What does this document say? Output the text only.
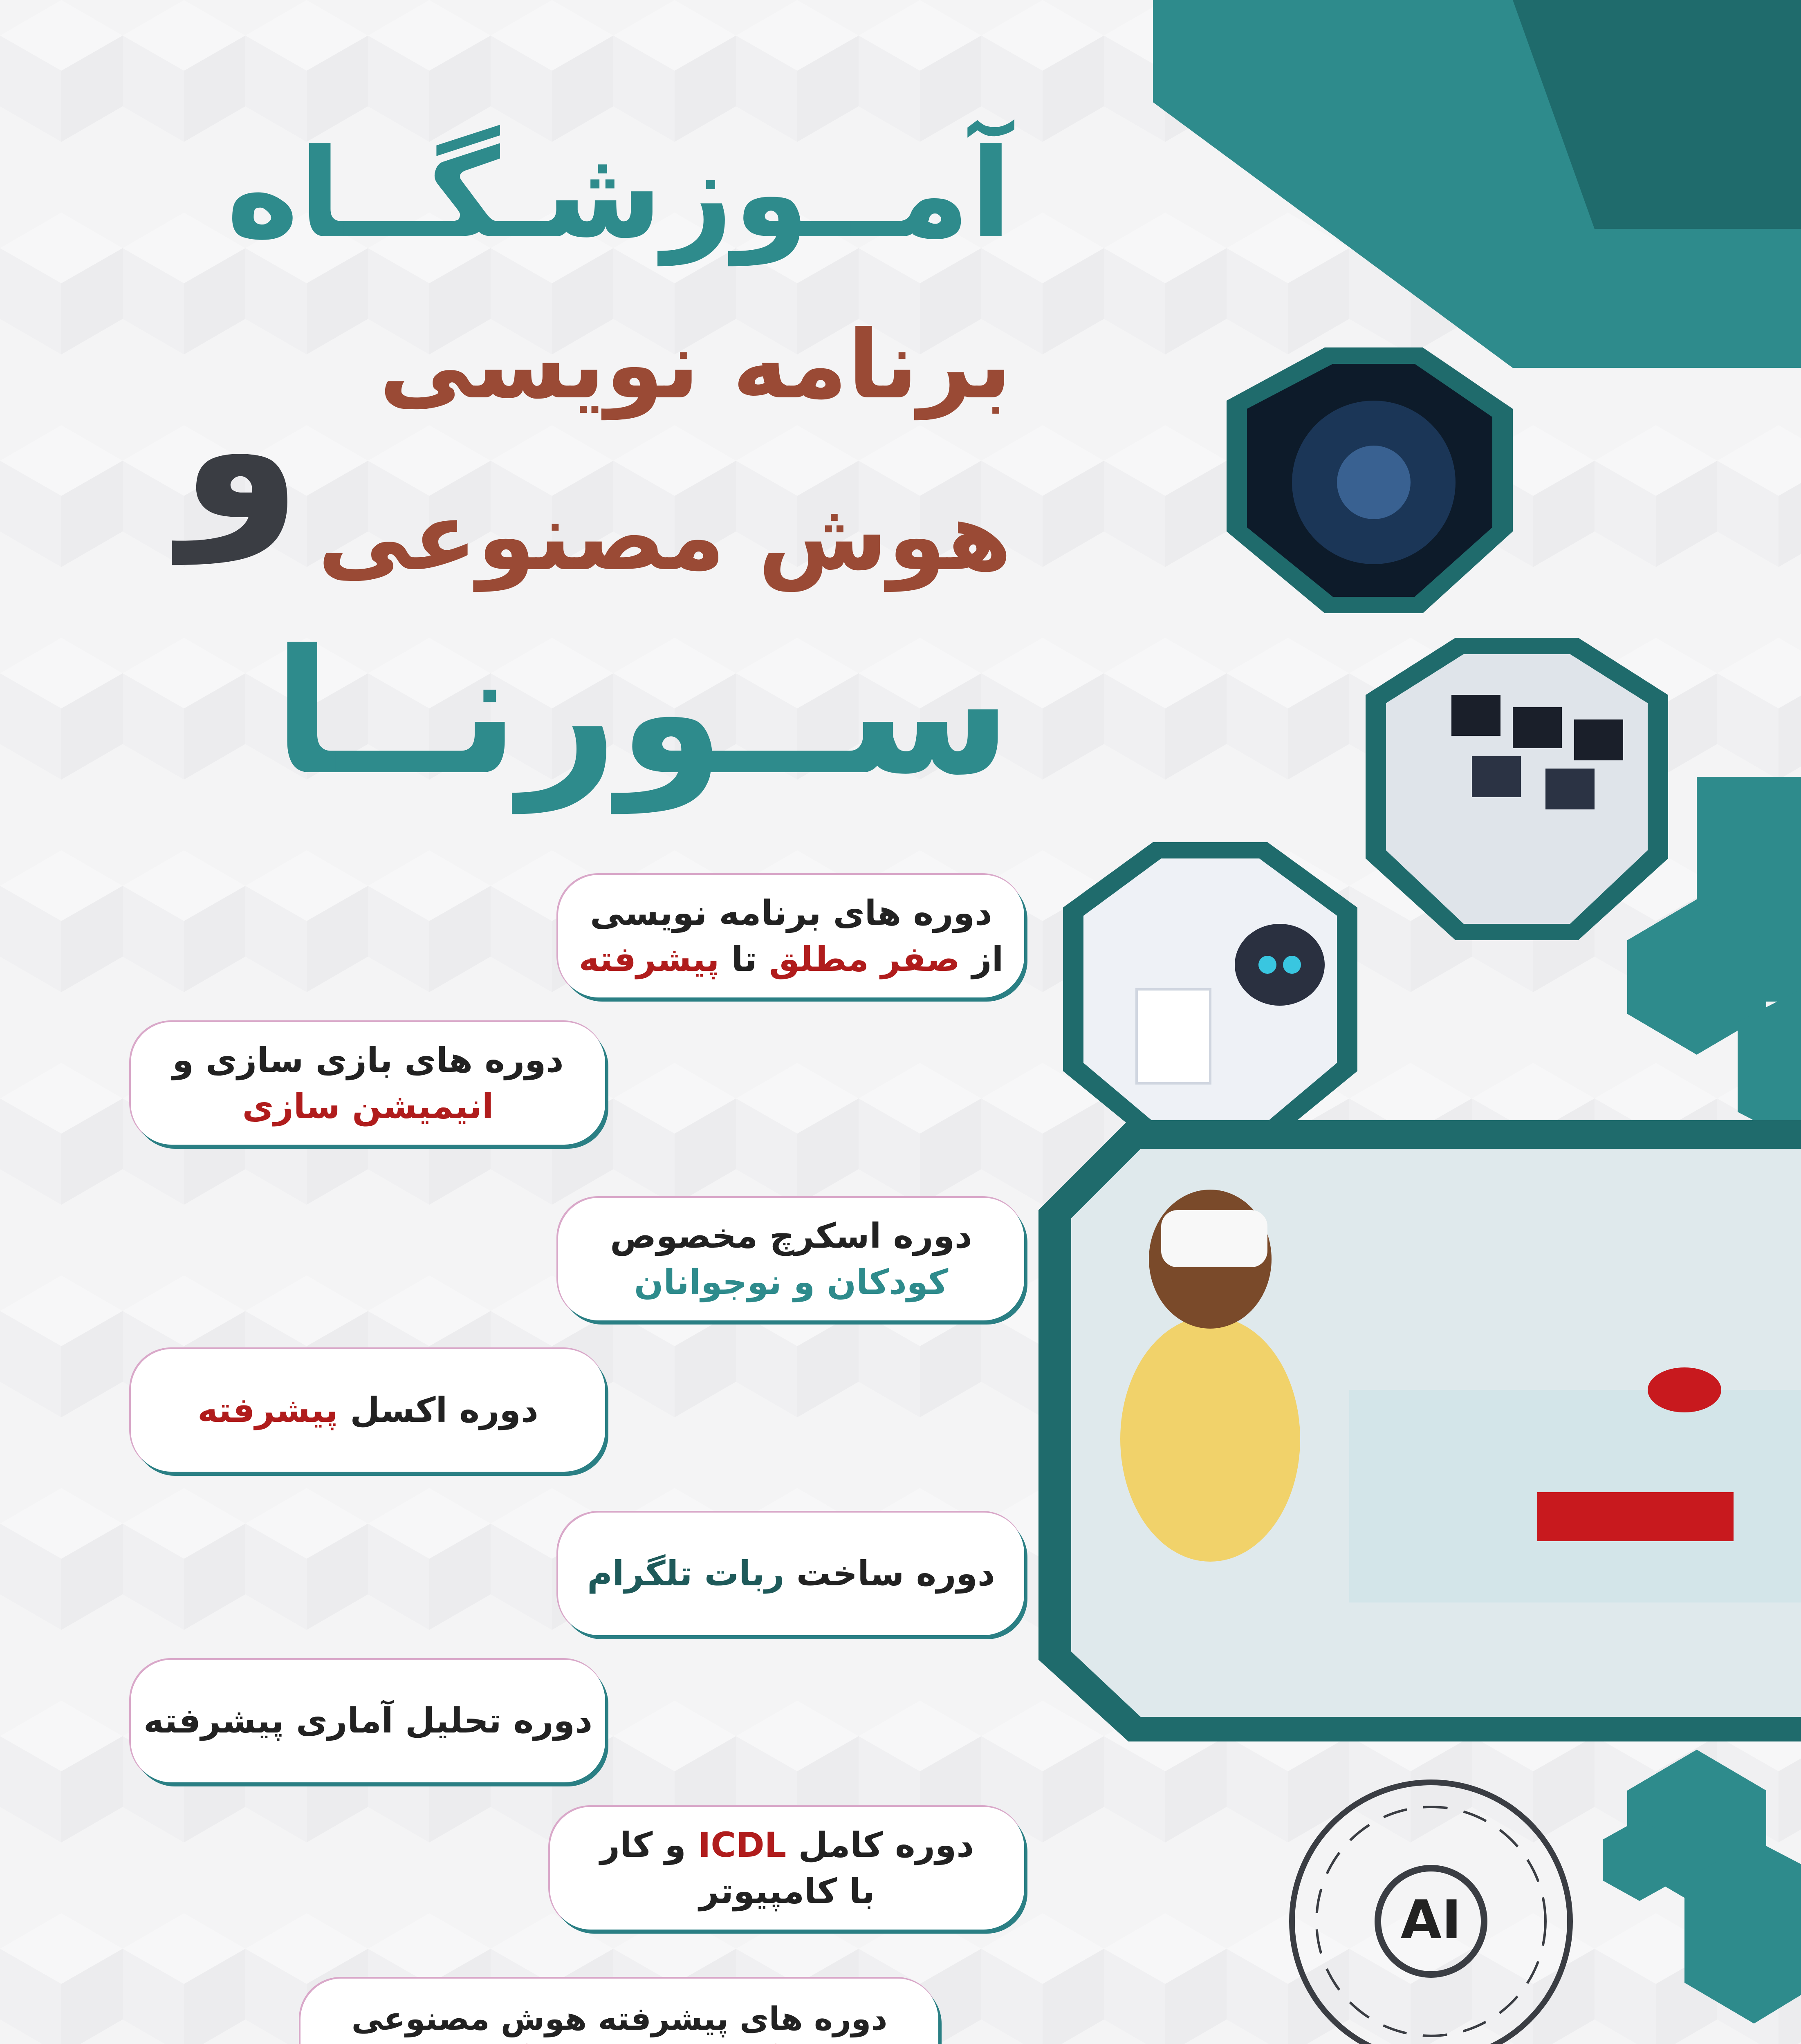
آمــوزشـگــاه
برنامه نویسی
و هوش مصنوعی
ســورنــا
دوره های برنامه نویسی
از صفر مطلق تا پیشرفته
دوره های بازی سازی و
انیمیشن سازی
دوره اسکرچ مخصوص
کودکان و نوجوانان
دوره اکسل پیشرفته
دوره ساخت ربات تلگرام
دوره تحلیل آماری پیشرفته
دوره کامل ICDL و کار
با کامپیوتر
دوره های پیشرفته هوش مصنوعی
AI
